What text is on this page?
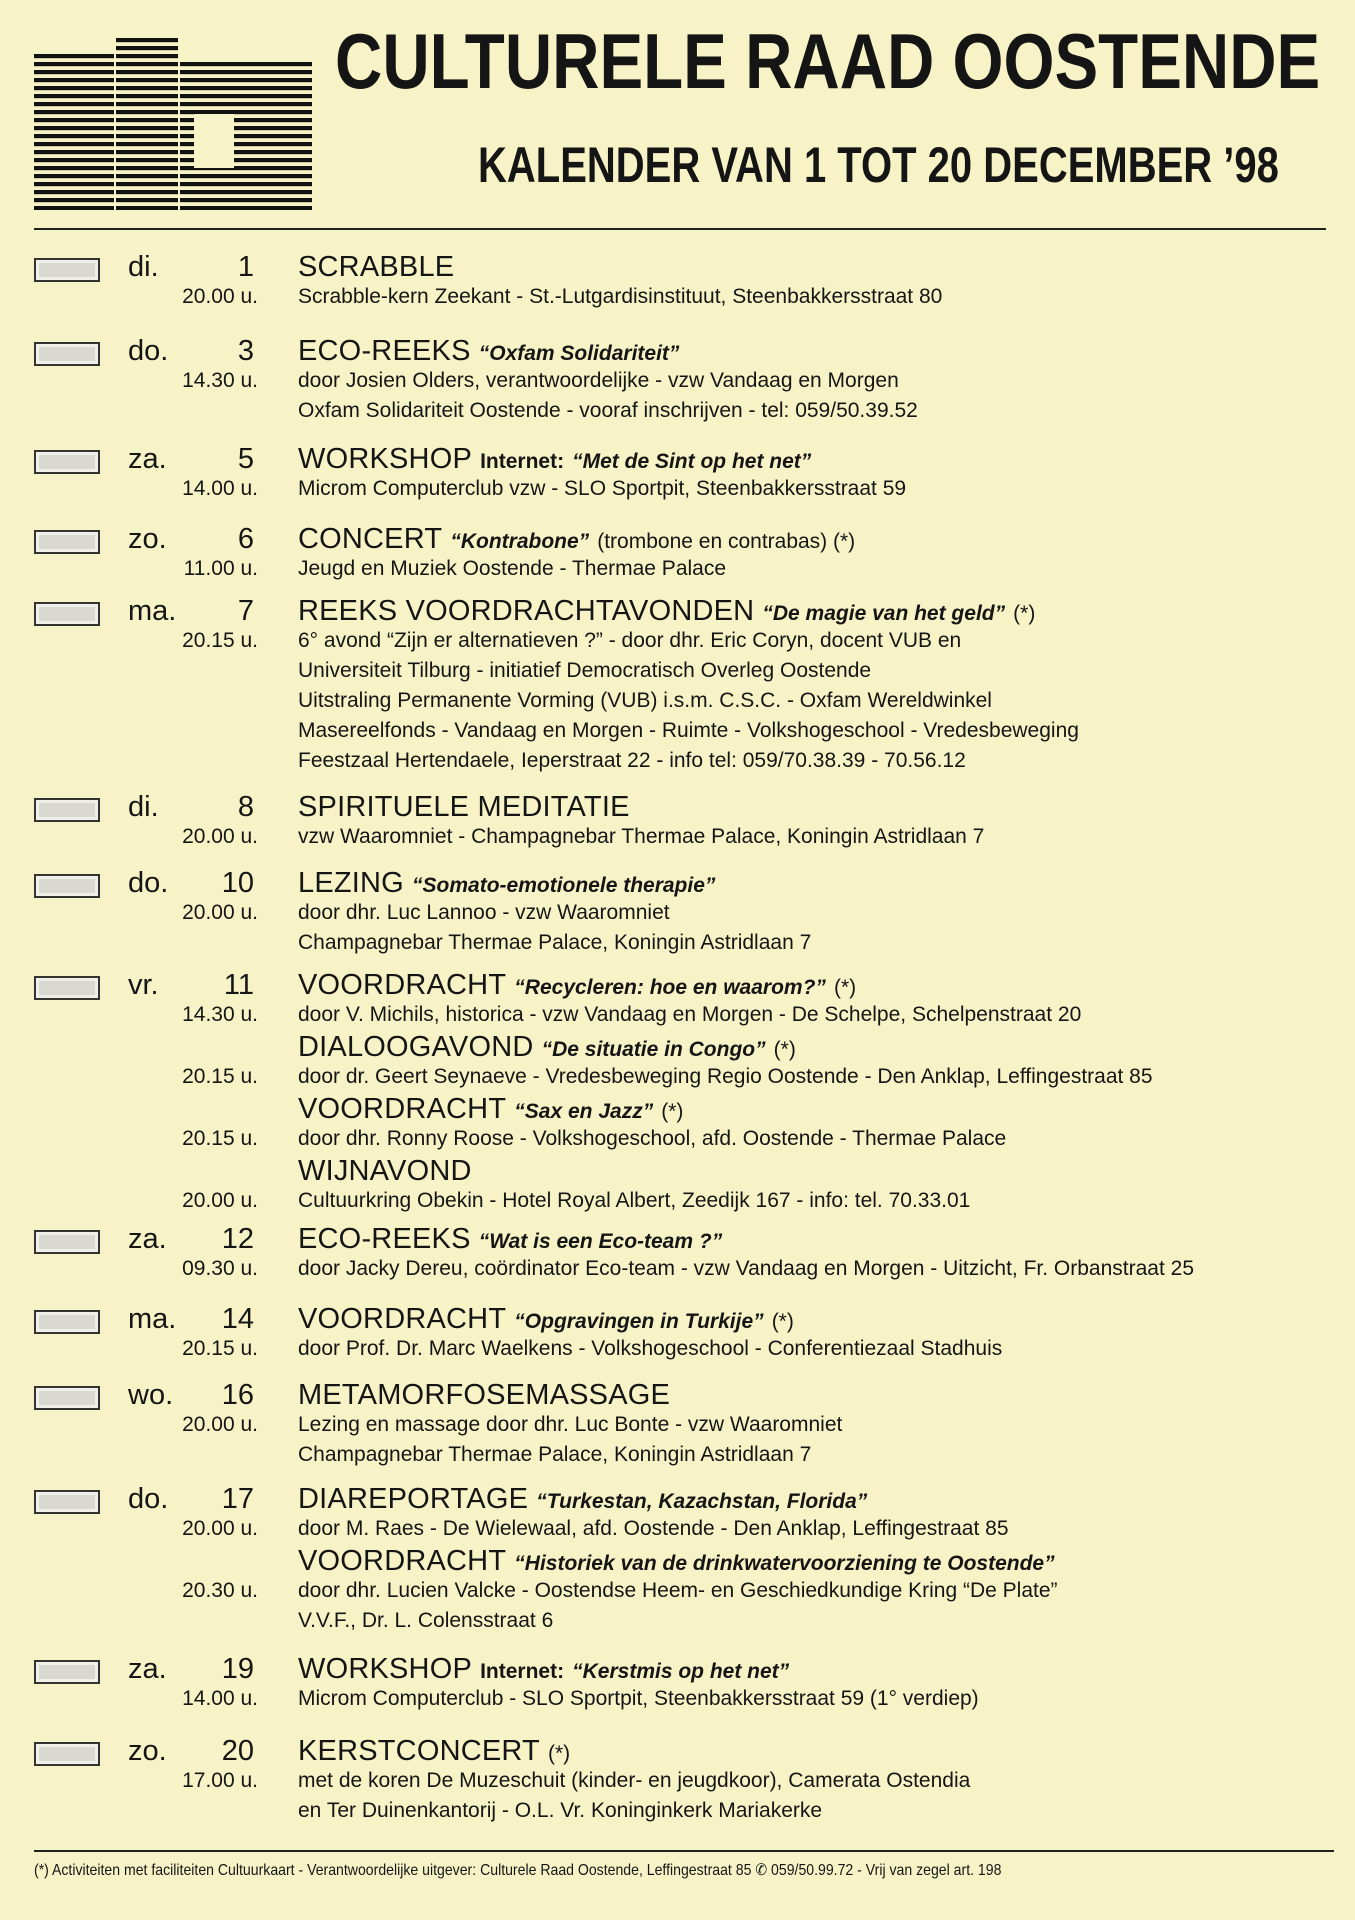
CULTURELE RAAD OOSTENDE
KALENDER VAN 1 TOT 20 DECEMBER ’98
di.	1 SCRABBLE
20.00 u. Scrabble-kern Zeekant - St.-Lutgardisinstituut, Steenbakkersstraat 80
do.	3 ECO-REEKS “Oxfam Solidariteit”
14.30 u. door Josien Olders, verantwoordelijke - vzw Vandaag en Morgen
Oxfam Solidariteit Oostende - vooraf inschrijven - tel: 059/50.39.52
za.	5 WORKSHOP Internet: “Met de Sint op het net”
14.00 u. Microm Computerclub vzw - SLO Sportpit, Steenbakkersstraat 59
zo.	6 CONCERT “Kontrabone” (trombone en contrabas) (*)
11.00 u. Jeugd en Muziek Oostende - Thermae Palace
ma.	7 REEKS VOORDRACHTAVONDEN “De magie van het geld” (*)
20.15 u. 6° avond “Zijn er alternatieven ?” - door dhr. Eric Coryn, docent VUB en
Universiteit Tilburg - initiatief Democratisch Overleg Oostende
Uitstraling Permanente Vorming (VUB) i.s.m. C.S.C. - Oxfam Wereldwinkel
Masereelfonds - Vandaag en Morgen - Ruimte - Volkshogeschool - Vredesbeweging
Feestzaal Hertendaele, Ieperstraat 22 - info tel: 059/70.38.39 - 70.56.12
di.	8 SPIRITUELE MEDITATIE
20.00 u. vzw Waaromniet - Champagnebar Thermae Palace, Koningin Astridlaan 7
do.	10 LEZING “Somato-emotionele therapie”
20.00 u. door dhr. Luc Lannoo - vzw Waaromniet
Champagnebar Thermae Palace, Koningin Astridlaan 7
vr.	11 VOORDRACHT “Recycleren: hoe en waarom?” (*)
14.30 u. door V. Michils, historica - vzw Vandaag en Morgen - De Schelpe, Schelpenstraat 20
DIALOOGAVOND “De situatie in Congo” (*)
20.15 u. door dr. Geert Seynaeve - Vredesbeweging Regio Oostende - Den Anklap, Leffingestraat 85
VOORDRACHT “Sax en Jazz” (*)
20.15 u. door dhr. Ronny Roose - Volkshogeschool, afd. Oostende - Thermae Palace
WIJNAVOND
20.00 u. Cultuurkring Obekin - Hotel Royal Albert, Zeedijk 167 - info: tel. 70.33.01
za.	12 ECO-REEKS “Wat is een Eco-team ?”
09.30 u. door Jacky Dereu, coördinator Eco-team - vzw Vandaag en Morgen - Uitzicht, Fr. Orbanstraat 25
ma.	14 VOORDRACHT “Opgravingen in Turkije” (*)
20.15 u. door Prof. Dr. Marc Waelkens - Volkshogeschool - Conferentiezaal Stadhuis
wo.	16 METAMORFOSEMASSAGE
20.00 u. Lezing en massage door dhr. Luc Bonte - vzw Waaromniet
Champagnebar Thermae Palace, Koningin Astridlaan 7
do.	17 DIAREPORTAGE “Turkestan, Kazachstan, Florida”
20.00 u. door M. Raes - De Wielewaal, afd. Oostende - Den Anklap, Leffingestraat 85
VOORDRACHT “Historiek van de drinkwatervoorziening te Oostende”
20.30 u. door dhr. Lucien Valcke - Oostendse Heem- en Geschiedkundige Kring “De Plate”
V.V.F., Dr. L. Colensstraat 6
za.	19 WORKSHOP Internet: “Kerstmis op het net”
14.00 u. Microm Computerclub - SLO Sportpit, Steenbakkersstraat 59 (1° verdiep)
zo.	20 KERSTCONCERT (*)
17.00 u. met de koren De Muzeschuit (kinder- en jeugdkoor), Camerata Ostendia
en Ter Duinenkantorij - O.L. Vr. Koninginkerk Mariakerke
(*) Activiteiten met faciliteiten Cultuurkaart - Verantwoordelijke uitgever: Culturele Raad Oostende, Leffingestraat 85 ✆ 059/50.99.72 - Vrij van zegel art. 198
